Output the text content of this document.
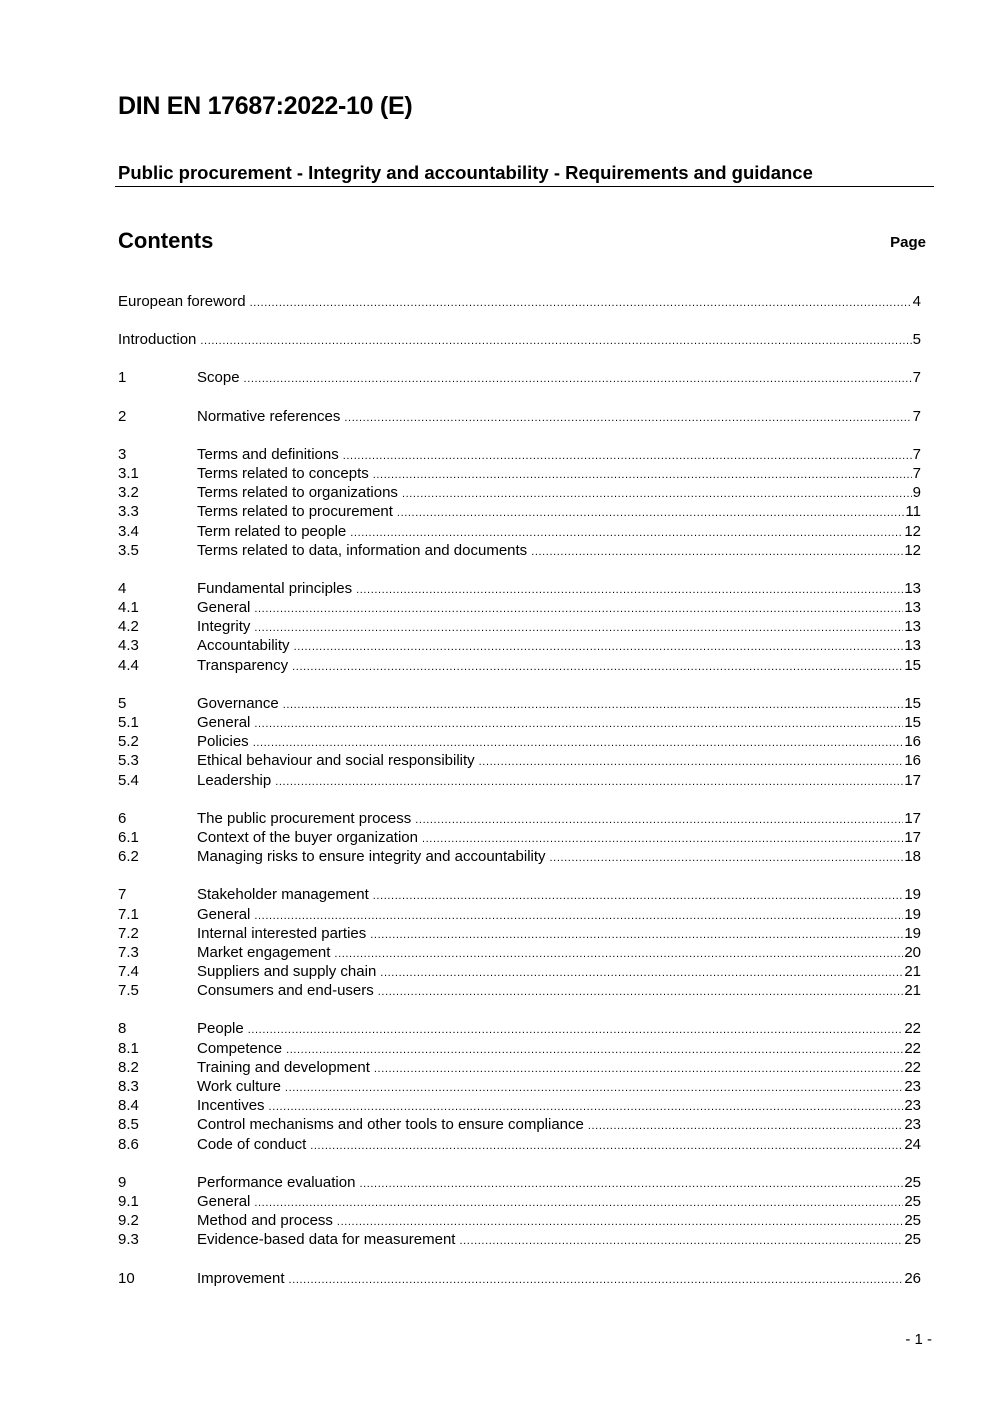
DIN EN 17687:2022-10 (E)
Public procurement - Integrity and accountability - Requirements and guidance
Contents	Page
European foreword .....	4
Introduction .....	5
1	Scope .....	7
2	Normative references .....	7
3	Terms and definitions .....	7
3.1	Terms related to concepts .....	7
3.2	Terms related to organizations .....	9
3.3	Terms related to procurement .....	11
3.4	Term related to people .....	12
3.5	Terms related to data, information and documents .....	12
4	Fundamental principles .....	13
4.1	General .....	13
4.2	Integrity .....	13
4.3	Accountability .....	13
4.4	Transparency .....	15
5	Governance .....	15
5.1	General .....	15
5.2	Policies .....	16
5.3	Ethical behaviour and social responsibility .....	16
5.4	Leadership .....	17
6	The public procurement process .....	17
6.1	Context of the buyer organization .....	17
6.2	Managing risks to ensure integrity and accountability .....	18
7	Stakeholder management .....	19
7.1	General .....	19
7.2	Internal interested parties .....	19
7.3	Market engagement .....	20
7.4	Suppliers and supply chain .....	21
7.5	Consumers and end-users .....	21
8	People .....	22
8.1	Competence .....	22
8.2	Training and development .....	22
8.3	Work culture .....	23
8.4	Incentives .....	23
8.5	Control mechanisms and other tools to ensure compliance .....	23
8.6	Code of conduct .....	24
9	Performance evaluation .....	25
9.1	General .....	25
9.2	Method and process .....	25
9.3	Evidence-based data for measurement .....	25
10	Improvement .....	26
- 1 -
